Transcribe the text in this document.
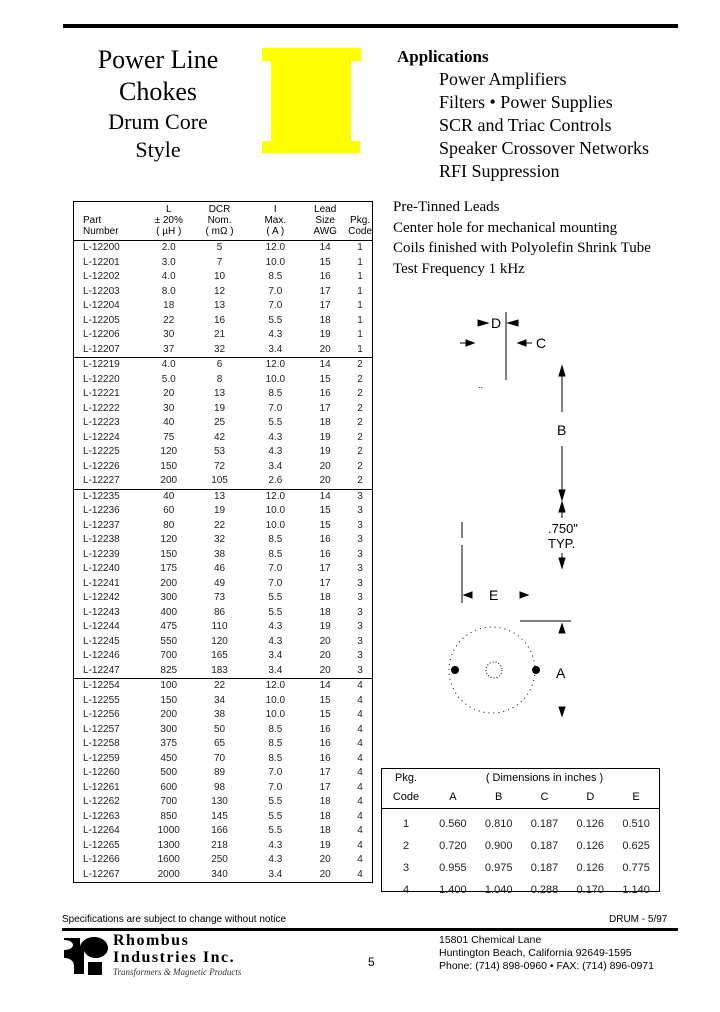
Power Line
Chokes
Drum Core
Style
Applications
Power Amplifiers
Filters • Power Supplies
SCR and Triac Controls
Speaker Crossover Networks
RFI Suppression
Pre-Tinned Leads
Center hole for mechanical mounting
Coils finished with Polyolefin Shrink Tube
Test Frequency 1 kHz

Part
Number

L
± 20%
( µH )

DCR
Nom.
( mΩ )

I
Max.
( A )

Lead
Size
AWG

Pkg.
Code

L-12200	2.0	5	12.0	14	1
L-12201	3.0	7	10.0	15	1
L-12202	4.0	10	8.5	16	1
L-12203	8.0	12	7.0	17	1
L-12204	18	13	7.0	17	1
L-12205	22	16	5.5	18	1
L-12206	30	21	4.3	19	1
L-12207	37	32	3.4	20	1
L-12219	4.0	6	12.0	14	2
L-12220	5.0	8	10.0	15	2
L-12221	20	13	8.5	16	2
L-12222	30	19	7.0	17	2
L-12223	40	25	5.5	18	2
L-12224	75	42	4.3	19	2
L-12225	120	53	4.3	19	2
L-12226	150	72	3.4	20	2
L-12227	200	105	2.6	20	2
L-12235	40	13	12.0	14	3
L-12236	60	19	10.0	15	3
L-12237	80	22	10.0	15	3
L-12238	120	32	8.5	16	3
L-12239	150	38	8.5	16	3
L-12240	175	46	7.0	17	3
L-12241	200	49	7.0	17	3
L-12242	300	73	5.5	18	3
L-12243	400	86	5.5	18	3
L-12244	475	110	4.3	19	3
L-12245	550	120	4.3	20	3
L-12246	700	165	3.4	20	3
L-12247	825	183	3.4	20	3
L-12254	100	22	12.0	14	4
L-12255	150	34	10.0	15	4
L-12256	200	38	10.0	15	4
L-12257	300	50	8.5	16	4
L-12258	375	65	8.5	16	4
L-12259	450	70	8.5	16	4
L-12260	500	89	7.0	17	4
L-12261	600	98	7.0	17	4
L-12262	700	130	5.5	18	4
L-12263	850	145	5.5	18	4
L-12264	1000	166	5.5	18	4
L-12265	1300	218	4.3	19	4
L-12266	1600	250	4.3	20	4
L-12267	2000	340	3.4	20	4
D
C
..
B
.750"
TYP.
E
A
Pkg.	( Dimensions in inches )				
Code	A	B	C	D	E
1	0.560	0.810	0.187	0.126	0.510
2	0.720	0.900	0.187	0.126	0.625
3	0.955	0.975	0.187	0.126	0.775
4	1.400	1.040	0.288	0.170	1.140
Specifications are subject to change without notice	DRUM - 5/97
Rhombus
Industries Inc.
Transformers & Magnetic Products
5
15801 Chemical Lane
Huntington Beach, California 92649-1595
Phone: (714) 898-0960 • FAX: (714) 896-0971
